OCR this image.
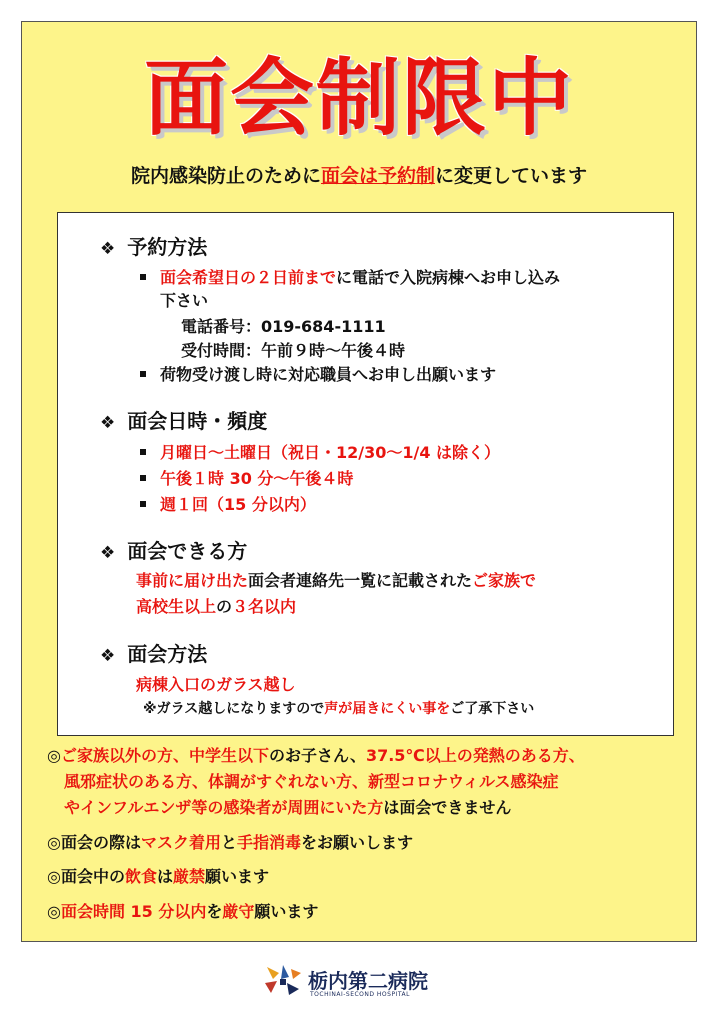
面会制限中
院内感染防止のために面会は予約制に変更しています
❖ 予約方法
面会希望日の２日前までに電話で入院病棟へお申し込み
下さい
電話番号：019-684-1111
受付時間：午前９時〜午後４時
荷物受け渡し時に対応職員へお申し出願います
❖ 面会日時・頻度
月曜日〜土曜日（祝日・12/30〜1/4 は除く）
午後１時 30 分〜午後４時
週１回（15 分以内）
❖ 面会できる方
事前に届け出た面会者連絡先一覧に記載されたご家族で
高校生以上の３名以内
❖ 面会方法
病棟入口のガラス越し
※ガラス越しになりますので声が届きにくい事をご了承下さい
◎ご家族以外の方、中学生以下のお子さん、37.5℃以上の発熱のある方、
風邪症状のある方、体調がすぐれない方、新型コロナウィルス感染症
やインフルエンザ等の感染者が周囲にいた方は面会できません
◎面会の際はマスク着用と手指消毒をお願いします
◎面会中の飲食は厳禁願います
◎面会時間 15 分以内を厳守願います
栃内第二病院
TOCHINAI-SECOND HOSPITAL
